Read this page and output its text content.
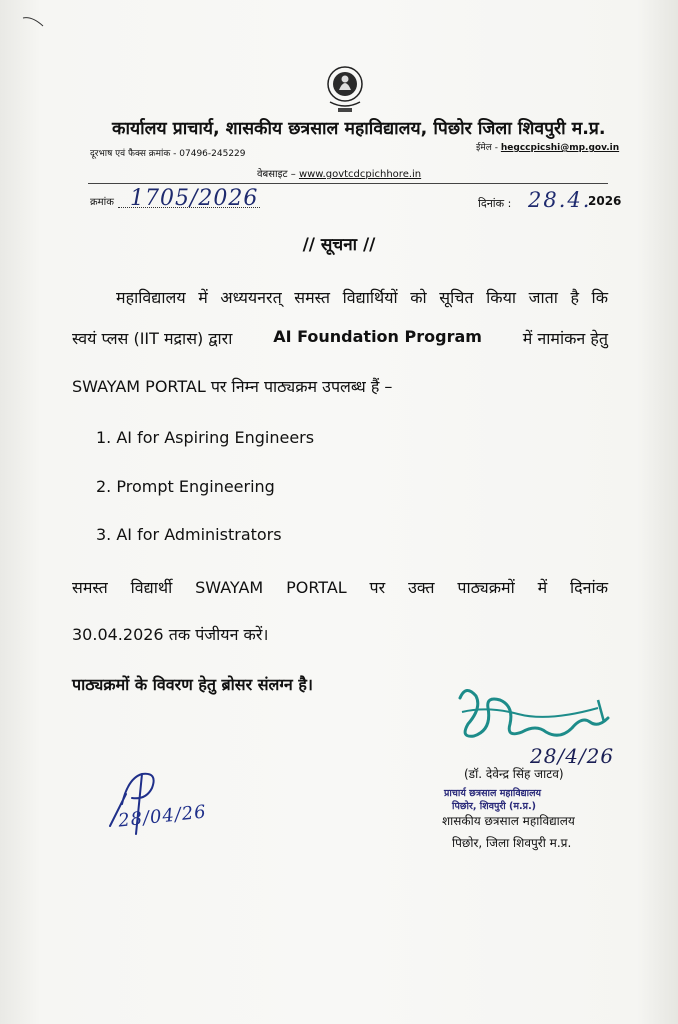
कार्यालय प्राचार्य, शासकीय छत्रसाल महाविद्यालय, पिछोर जिला शिवपुरी म.प्र.
दूरभाष एवं फैक्स क्रमांक - 07496-245229
ईमेल - hegccpicshi@mp.gov.in
वेबसाइट – www.govtcdcpichhore.in
क्रमांक 1705/2026	दिनांक : 28.4.
2026
// सूचना //
महाविद्यालय में अध्ययनरत् समस्त विद्यार्थियों को सूचित किया जाता है कि
स्वयं प्लस (IIT मद्रास) द्वारा	AI Foundation Program	में नामांकन हेतु
SWAYAM PORTAL पर निम्न पाठ्यक्रम उपलब्ध हैं –
1. AI for Aspiring Engineers
2. Prompt Engineering
3. AI for Administrators
समस्त विद्यार्थी SWAYAM PORTAL पर उक्त पाठ्यक्रमों में दिनांक
30.04.2026 तक पंजीयन करें।
पाठ्यक्रमों के विवरण हेतु ब्रोसर संलग्न है।
28/4/26
(डॉ. देवेन्द्र सिंह जाटव)
प्राचार्य छत्रसाल महाविद्यालय
पिछोर, शिवपुरी (म.प्र.)
शासकीय छत्रसाल महाविद्यालय
पिछोर, जिला शिवपुरी म.प्र.
28/04/26
